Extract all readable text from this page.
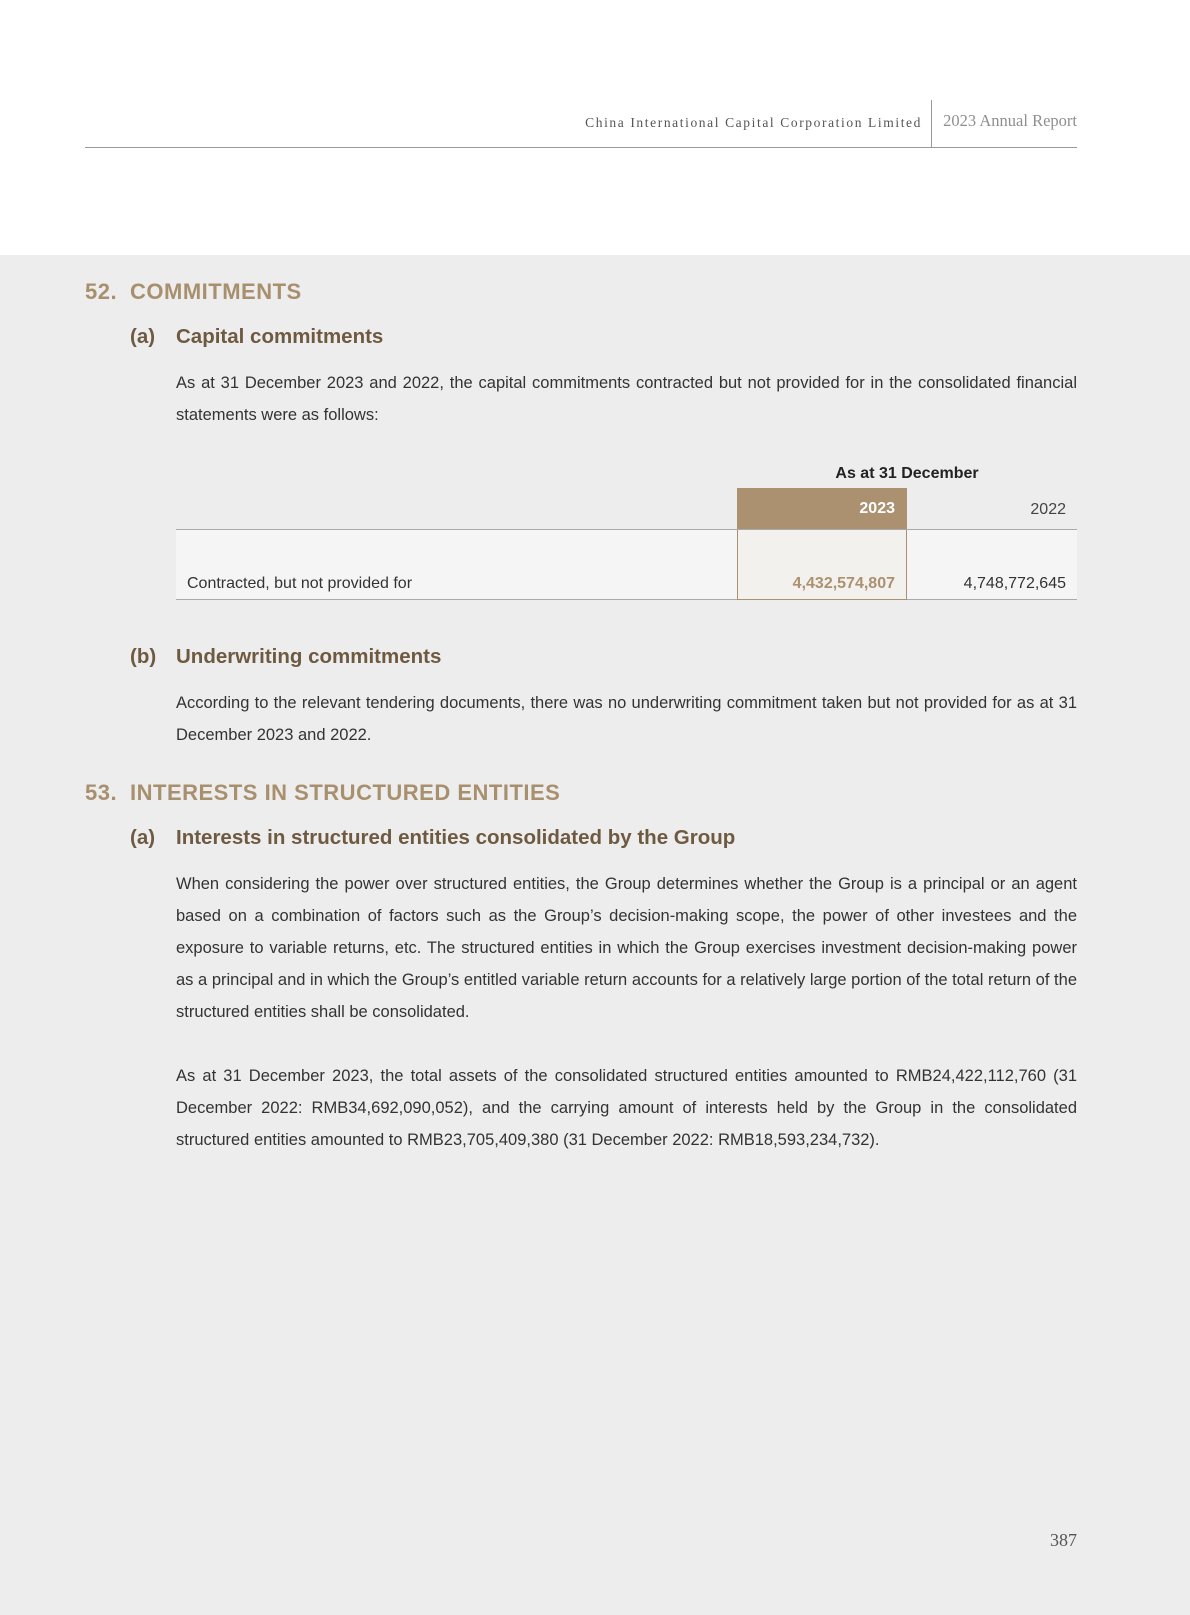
China International Capital Corporation Limited 2023 Annual Report
52. COMMITMENTS
(a) Capital commitments

As at 31 December 2023 and 2022, the capital commitments contracted but not provided for in the consolidated financial statements were as follows:

As at 31 December
2023	2022
Contracted, but not provided for	4,432,574,807	4,748,772,645
(b) Underwriting commitments

According to the relevant tendering documents, there was no underwriting commitment taken but not provided for as at 31 December 2023 and 2022.

53. INTERESTS IN STRUCTURED ENTITIES
(a) Interests in structured entities consolidated by the Group

When considering the power over structured entities, the Group determines whether the Group is a principal or an agent based on a combination of factors such as the Group’s decision-making scope, the power of other investees and the exposure to variable returns, etc. The structured entities in which the Group exercises investment decision-making power as a principal and in which the Group’s entitled variable return accounts for a relatively large portion of the total return of the structured entities shall be consolidated.

As at 31 December 2023, the total assets of the consolidated structured entities amounted to RMB24,422,112,760 (31 December 2022: RMB34,692,090,052), and the carrying amount of interests held by the Group in the consolidated structured entities amounted to RMB23,705,409,380 (31 December 2022: RMB18,593,234,732).

387
